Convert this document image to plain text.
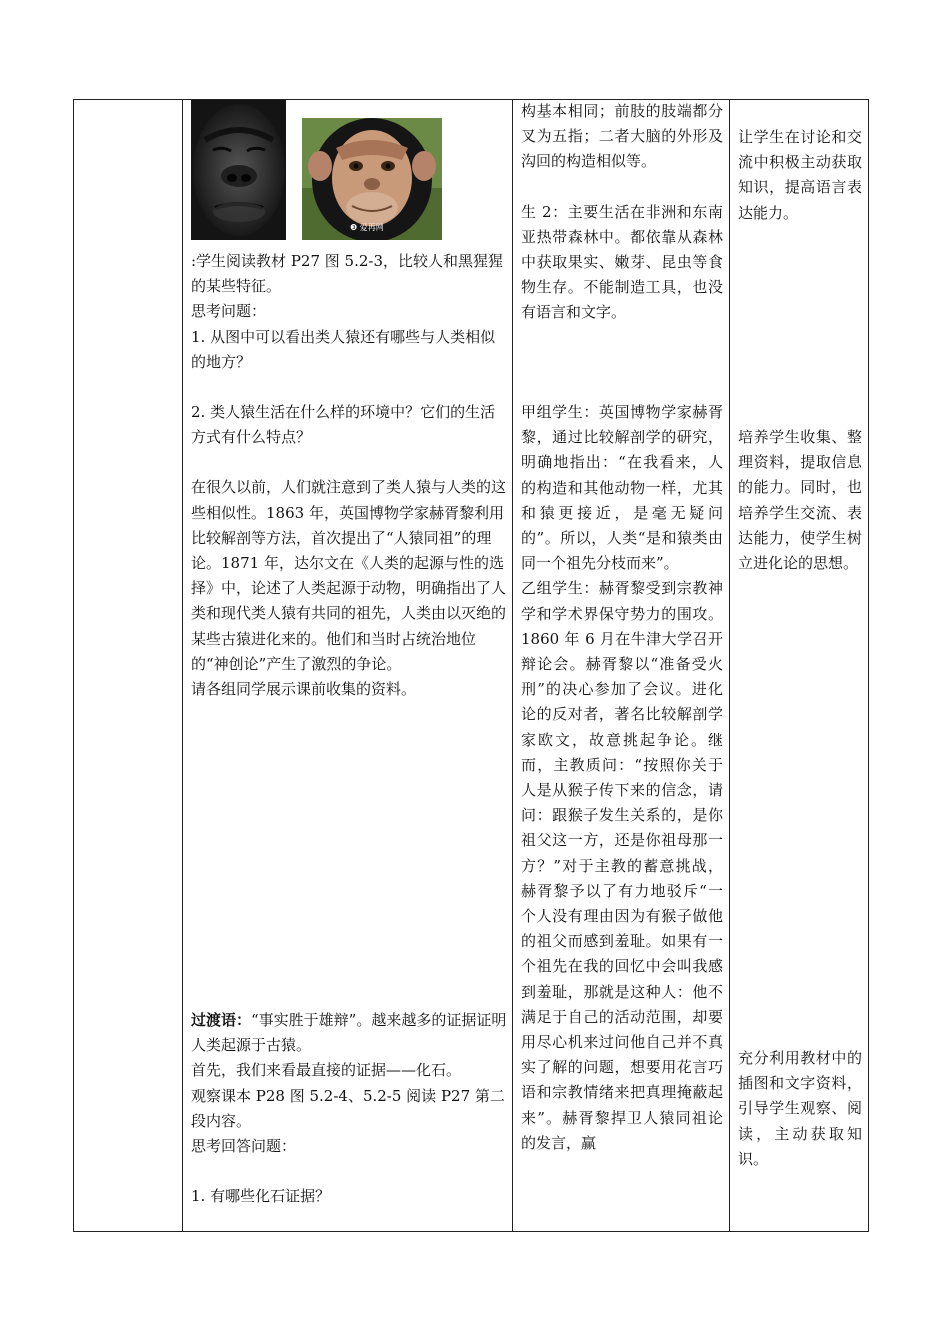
❸ 爱再网

:学生阅读教材 P27 图 5.2-3，比较人和黑猩猩的某些特征。

思考问题：

1. 从图中可以看出类人猿还有哪些与人类相似的地方？

2. 类人猿生活在什么样的环境中？它们的生活方式有什么特点？

在很久以前，人们就注意到了类人猿与人类的这些相似性。1863 年，英国博物学家赫胥黎利用比较解剖等方法，首次提出了“人猿同祖”的理论。1871 年，达尔文在《人类的起源与性的选择》中，论述了人类起源于动物，明确指出了人类和现代类人猿有共同的祖先，人类由以灭绝的某些古猿进化来的。他们和当时占统治地位的“神创论”产生了激烈的争论。

请各组同学展示课前收集的资料。

过渡语：“事实胜于雄辩”。越来越多的证据证明人类起源于古猿。

首先，我们来看最直接的证据——化石。

观察课本 P28 图 5.2-4、5.2-5 阅读 P27 第二段内容。

思考回答问题：

1. 有哪些化石证据？

构基本相同；前肢的肢端都分叉为五指；二者大脑的外形及沟回的构造相似等。

生 2：主要生活在非洲和东南亚热带森林中。都依靠从森林中获取果实、嫩芽、昆虫等食物生存。不能制造工具，也没有语言和文字。

甲组学生：英国博物学家赫胥黎，通过比较解剖学的研究，明确地指出：“在我看来，人的构造和其他动物一样，尤其和猿更接近，是毫无疑问的”。所以，人类“是和猿类由同一个祖先分枝而来”。

乙组学生：赫胥黎受到宗教神学和学术界保守势力的围攻。1860 年 6 月在牛津大学召开辩论会。赫胥黎以“准备受火刑”的决心参加了会议。进化论的反对者，著名比较解剖学家欧文，故意挑起争论。继而，主教质问：“按照你关于人是从猴子传下来的信念，请问：跟猴子发生关系的，是你祖父这一方，还是你祖母那一方？”对于主教的蓄意挑战，赫胥黎予以了有力地驳斥“一个人没有理由因为有猴子做他的祖父而感到羞耻。如果有一个祖先在我的回忆中会叫我感到羞耻，那就是这种人：他不满足于自己的活动范围，却要用尽心机来过问他自己并不真实了解的问题，想要用花言巧语和宗教情绪来把真理掩蔽起来”。赫胥黎捍卫人猿同祖论的发言，赢

让学生在讨论和交流中积极主动获取知识，提高语言表达能力。

培养学生收集、整理资料，提取信息的能力。同时，也培养学生交流、表达能力，使学生树立进化论的思想。

充分利用教材中的插图和文字资料，引导学生观察、阅读，主动获取知识。
